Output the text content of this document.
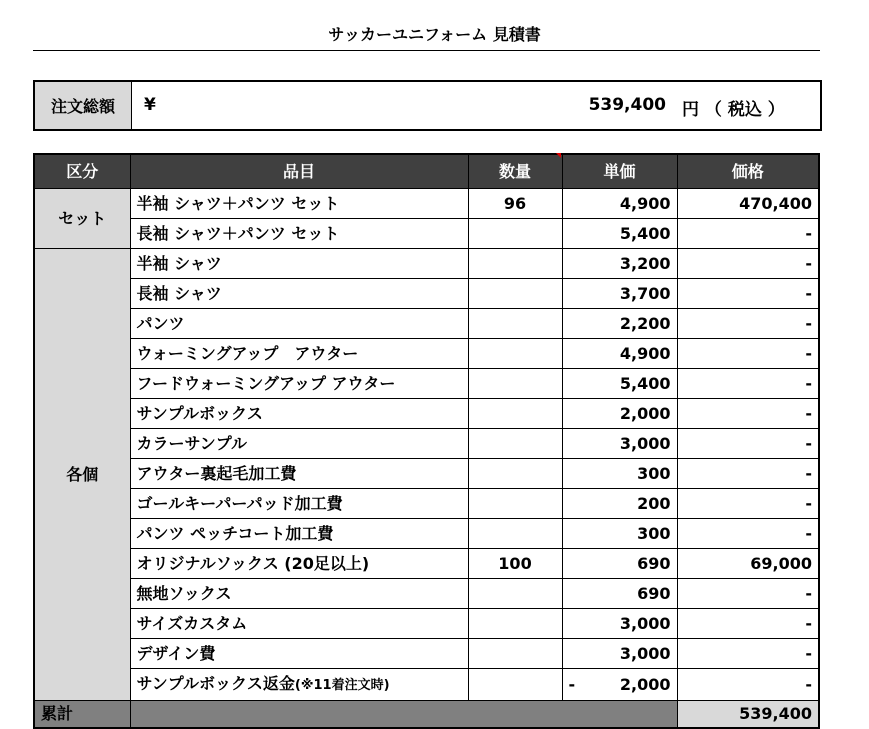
サッカーユニフォーム 見積書
注文総額	¥	539,400 円 （ 税込 ）
区分	品目	数量	単価	価格
セット	半袖 シャツ＋パンツ セット	96	4,900	470,400
	長袖 シャツ＋パンツ セット		5,400	-
各個	半袖 シャツ		3,200	-
	長袖 シャツ		3,700	-
	パンツ		2,200	-
	ウォーミングアップ　アウター		4,900	-
	フードウォーミングアップ アウター		5,400	-
	サンプルボックス		2,000	-
	カラーサンプル		3,000	-
	アウター裏起毛加工費		300	-
	ゴールキーパーパッド加工費		200	-
	パンツ ペッチコート加工費		300	-
	オリジナルソックス (20足以上)	100	690	69,000
	無地ソックス		690	-
	サイズカスタム		3,000	-
	デザイン費		3,000	-
	サンプルボックス返金(※11着注文時)		- 2,000	-
累計				539,400
